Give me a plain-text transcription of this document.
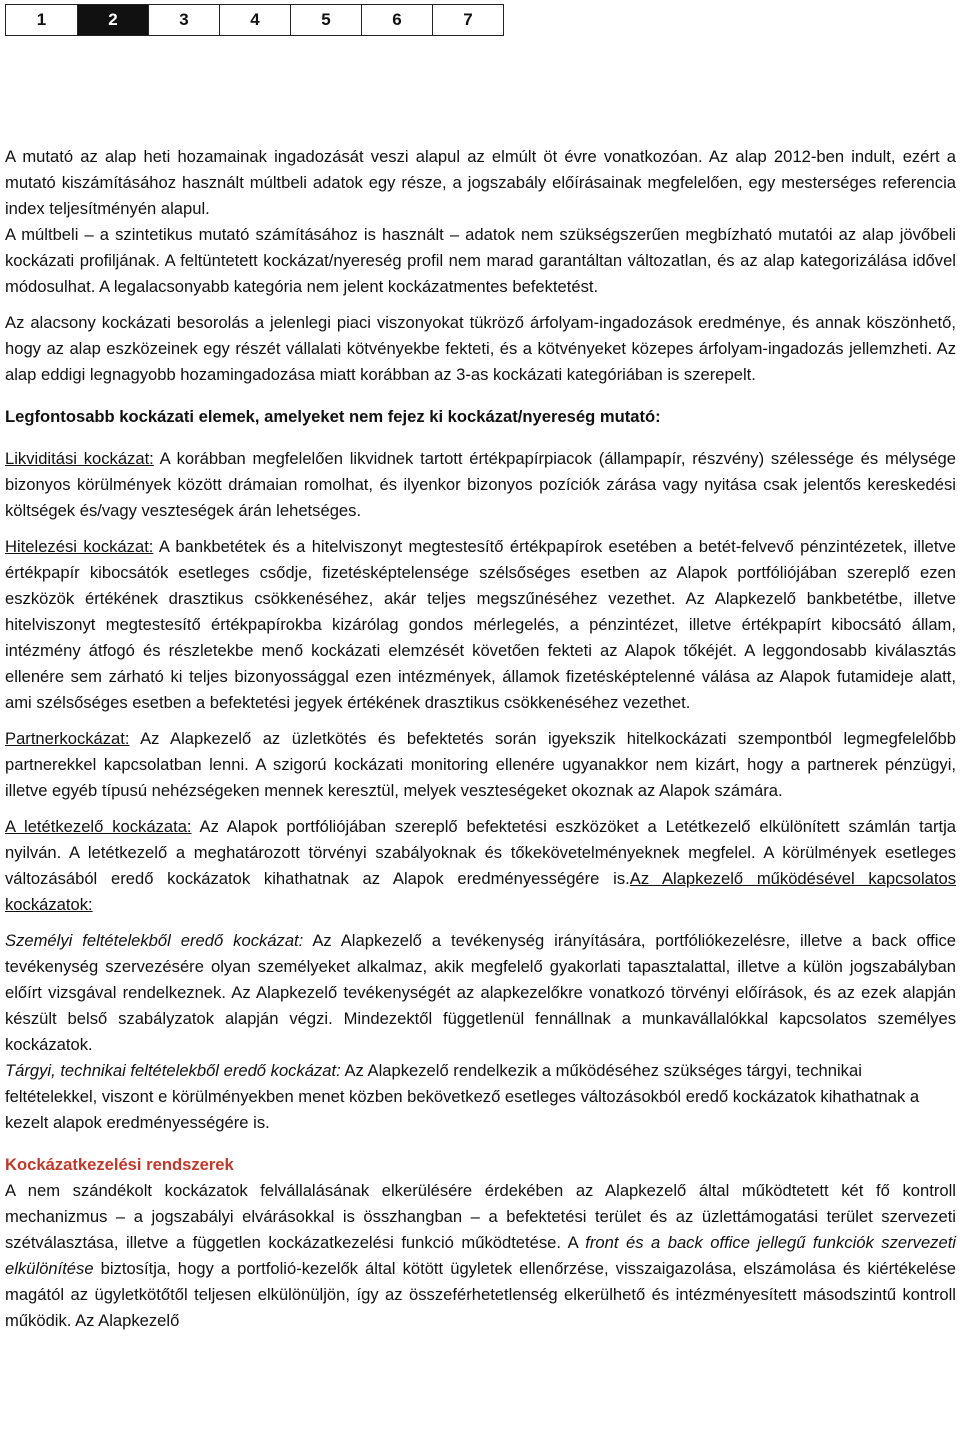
1	2	3	4	5	6	7

A mutató az alap heti hozamainak ingadozását veszi alapul az elmúlt öt évre vonatkozóan. Az alap 2012-ben indult, ezért a mutató kiszámításához használt múltbeli adatok egy része, a jogszabály előírásainak megfelelően, egy mesterséges referencia index teljesítményén alapul.

A múltbeli – a szintetikus mutató számításához is használt – adatok nem szükségszerűen megbízható mutatói az alap jövőbeli kockázati profiljának. A feltüntetett kockázat/nyereség profil nem marad garantáltan változatlan, és az alap kategorizálása idővel módosulhat. A legalacsonyabb kategória nem jelent kockázatmentes befektetést.

Az alacsony kockázati besorolás a jelenlegi piaci viszonyokat tükröző árfolyam-ingadozások eredménye, és annak köszönhető, hogy az alap eszközeinek egy részét vállalati kötvényekbe fekteti, és a kötvényeket közepes árfolyam-ingadozás jellemzheti. Az alap eddigi legnagyobb hozamingadozása miatt korábban az 3-as kockázati kategóriában is szerepelt.

Legfontosabb kockázati elemek, amelyeket nem fejez ki kockázat/nyereség mutató:

Likviditási kockázat: A korábban megfelelően likvidnek tartott értékpapírpiacok (állampapír, részvény) szélessége és mélysége bizonyos körülmények között drámaian romolhat, és ilyenkor bizonyos pozíciók zárása vagy nyitása csak jelentős kereskedési költségek és/vagy veszteségek árán lehetséges.

Hitelezési kockázat: A bankbetétek és a hitelviszonyt megtestesítő értékpapírok esetében a betét-felvevő pénzintézetek, illetve értékpapír kibocsátók esetleges csődje, fizetésképtelensége szélsőséges esetben az Alapok portfóliójában szereplő ezen eszközök értékének drasztikus csökkenéséhez, akár teljes megszűnéséhez vezethet. Az Alapkezelő bankbetétbe, illetve hitelviszonyt megtestesítő értékpapírokba kizárólag gondos mérlegelés, a pénzintézet, illetve értékpapírt kibocsátó állam, intézmény átfogó és részletekbe menő kockázati elemzését követően fekteti az Alapok tőkéjét. A leggondosabb kiválasztás ellenére sem zárható ki teljes bizonyossággal ezen intézmények, államok fizetésképtelenné válása az Alapok futamideje alatt, ami szélsőséges esetben a befektetési jegyek értékének drasztikus csökkenéséhez vezethet.

Partnerkockázat: Az Alapkezelő az üzletkötés és befektetés során igyekszik hitelkockázati szempontból legmegfelelőbb partnerekkel kapcsolatban lenni. A szigorú kockázati monitoring ellenére ugyanakkor nem kizárt, hogy a partnerek pénzügyi, illetve egyéb típusú nehézségeken mennek keresztül, melyek veszteségeket okoznak az Alapok számára.

A letétkezelő kockázata: Az Alapok portfóliójában szereplő befektetési eszközöket a Letétkezelő elkülönített számlán tartja nyilván. A letétkezelő a meghatározott törvényi szabályoknak és tőkekövetelményeknek megfelel. A körülmények esetleges változásából eredő kockázatok kihathatnak az Alapok eredményességére is.Az Alapkezelő működésével kapcsolatos kockázatok:

Személyi feltételekből eredő kockázat: Az Alapkezelő a tevékenység irányítására, portfóliókezelésre, illetve a back office tevékenység szervezésére olyan személyeket alkalmaz, akik megfelelő gyakorlati tapasztalattal, illetve a külön jogszabályban előírt vizsgával rendelkeznek. Az Alapkezelő tevékenységét az alapkezelőkre vonatkozó törvényi előírások, és az ezek alapján készült belső szabályzatok alapján végzi. Mindezektől függetlenül fennállnak a munkavállalókkal kapcsolatos személyes kockázatok.

Tárgyi, technikai feltételekből eredő kockázat: Az Alapkezelő rendelkezik a működéséhez szükséges tárgyi, technikai feltételekkel, viszont e körülményekben menet közben bekövetkező esetleges változásokból eredő kockázatok kihathatnak a kezelt alapok eredményességére is.

Kockázatkezelési rendszerek

A nem szándékolt kockázatok felvállalásának elkerülésére érdekében az Alapkezelő által működtetett két fő kontroll mechanizmus – a jogszabályi elvárásokkal is összhangban – a befektetési terület és az üzlettámogatási terület szervezeti szétválasztása, illetve a független kockázatkezelési funkció működtetése. A front és a back office jellegű funkciók szervezeti elkülönítése biztosítja, hogy a portfolió-kezelők által kötött ügyletek ellenőrzése, visszaigazolása, elszámolása és kiértékelése magától az ügyletkötőtől teljesen elkülönüljön, így az összeférhetetlenség elkerülhető és intézményesített másodszintű kontroll működik. Az Alapkezelő
